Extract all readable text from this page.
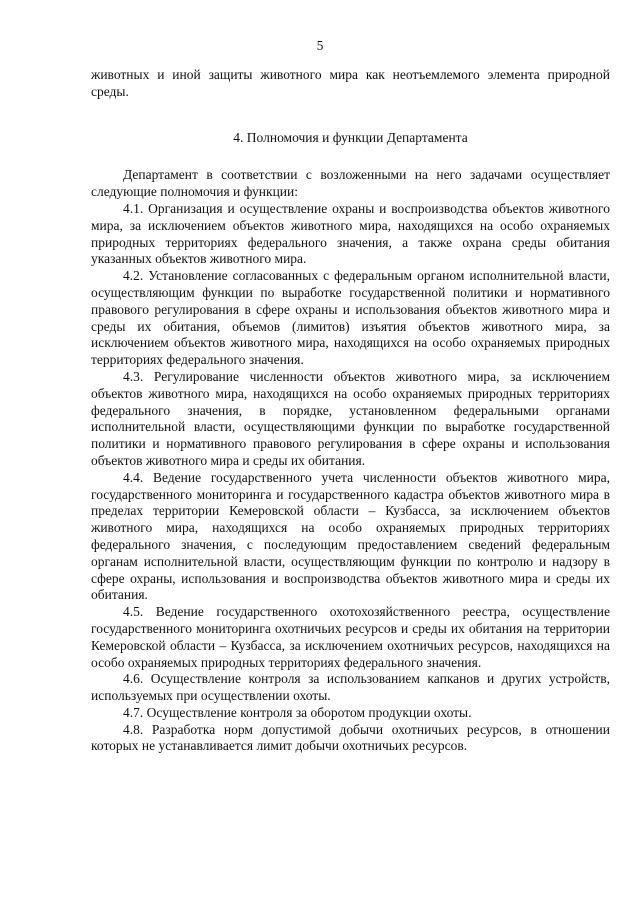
5

животных и иной защиты животного мира как неотъемлемого элемента природной среды.

4. Полномочия и функции Департамента

Департамент в соответствии с возложенными на него задачами осуществляет следующие полномочия и функции:

4.1. Организация и осуществление охраны и воспроизводства объектов животного мира, за исключением объектов животного мира, находящихся на особо охраняемых природных территориях федерального значения, а также охрана среды обитания указанных объектов животного мира.

4.2. Установление согласованных с федеральным органом исполнительной власти, осуществляющим функции по выработке государственной политики и нормативного правового регулирования в сфере охраны и использования объектов животного мира и среды их обитания, объемов (лимитов) изъятия объектов животного мира, за исключением объектов животного мира, находящихся на особо охраняемых природных территориях федерального значения.

4.3. Регулирование численности объектов животного мира, за исключением объектов животного мира, находящихся на особо охраняемых природных территориях федерального значения, в порядке, установленном федеральными органами исполнительной власти, осуществляющими функции по выработке государственной политики и нормативного правового регулирования в сфере охраны и использования объектов животного мира и среды их обитания.

4.4. Ведение государственного учета численности объектов животного мира, государственного мониторинга и государственного кадастра объектов животного мира в пределах территории Кемеровской области – Кузбасса, за исключением объектов животного мира, находящихся на особо охраняемых природных территориях федерального значения, с последующим предоставлением сведений федеральным органам исполнительной власти, осуществляющим функции по контролю и надзору в сфере охраны, использования и воспроизводства объектов животного мира и среды их обитания.

4.5. Ведение государственного охотохозяйственного реестра, осуществление государственного мониторинга охотничьих ресурсов и среды их обитания на территории Кемеровской области – Кузбасса, за исключением охотничьих ресурсов, находящихся на особо охраняемых природных территориях федерального значения.

4.6. Осуществление контроля за использованием капканов и других устройств, используемых при осуществлении охоты.

4.7. Осуществление контроля за оборотом продукции охоты.

4.8. Разработка норм допустимой добычи охотничьих ресурсов, в отношении которых не устанавливается лимит добычи охотничьих ресурсов.
